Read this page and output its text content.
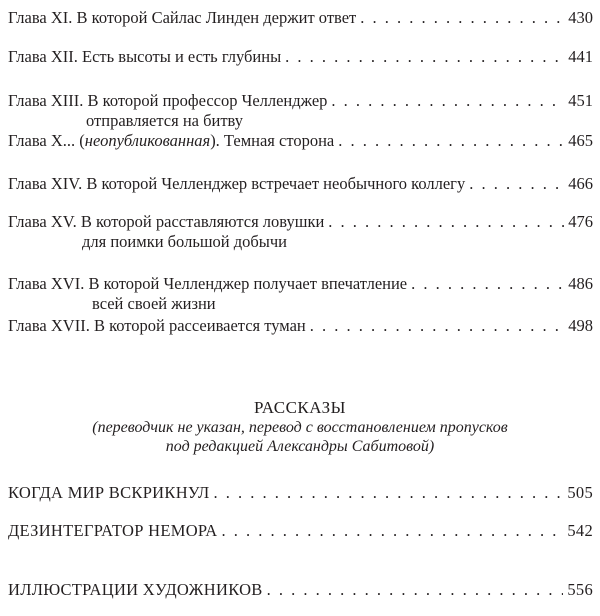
Глава XI. В которой Сайлас Линден держит ответ . . .	430
Глава XII. Есть высоты и есть глубины . . .	441
Глава XIII. В которой профессор Челленджер . . .	451
отправляется на битву
Глава X... (неопубликованная). Темная сторона . . .	465
Глава XIV. В которой Челленджер встречает необычного коллегу . . .	466
Глава XV. В которой расставляются ловушки . . .	476
для поимки большой добычи
Глава XVI. В которой Челленджер получает впечатление . . .	486
всей своей жизни
Глава XVII. В которой рассеивается туман . . .	498
РАССКАЗЫ
(переводчик не указан, перевод с восстановлением пропусков
под редакцией Александры Сабитовой)
КОГДА МИР ВСКРИКНУЛ . . .	505
ДЕЗИНТЕГРАТОР НЕМОРА . . .	542
ИЛЛЮСТРАЦИИ ХУДОЖНИКОВ . . .	556
